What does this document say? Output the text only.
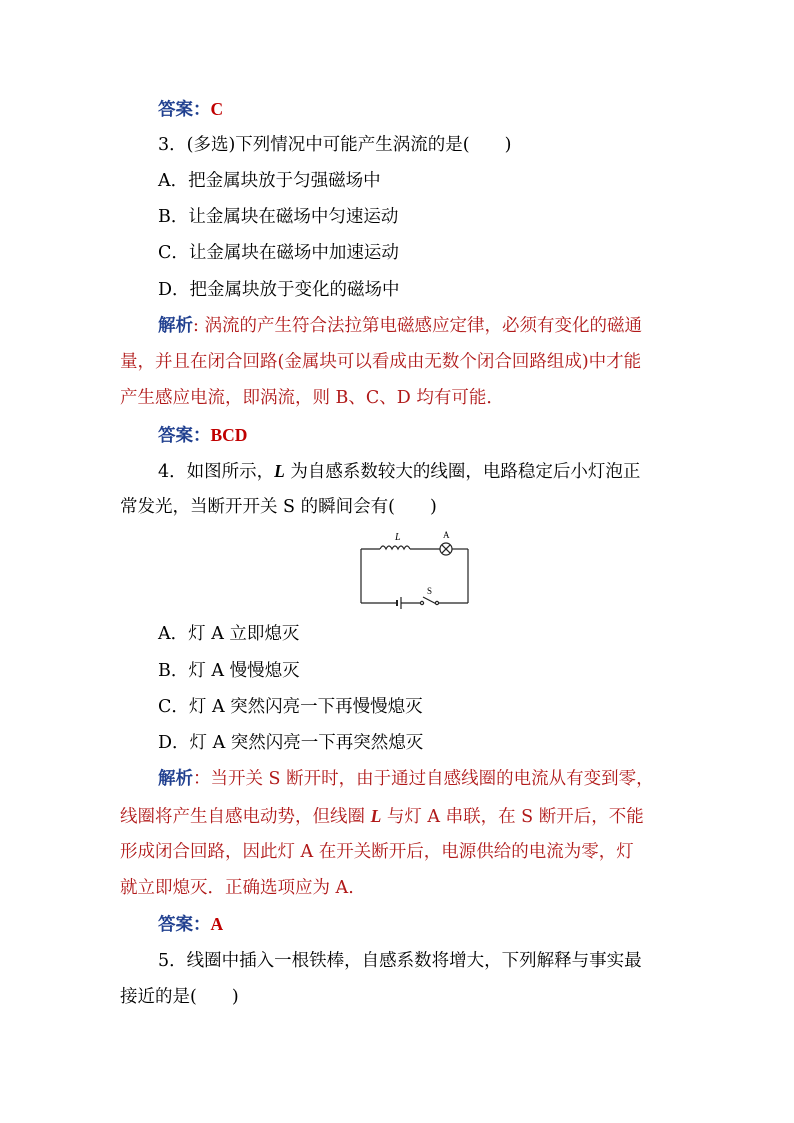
答案：C
3．(多选)下列情况中可能产生涡流的是(　　)
A．把金属块放于匀强磁场中
B．让金属块在磁场中匀速运动
C．让金属块在磁场中加速运动
D．把金属块放于变化的磁场中
解析: 涡流的产生符合法拉第电磁感应定律，必须有变化的磁通
量，并且在闭合回路(金属块可以看成由无数个闭合回路组成)中才能
产生感应电流，即涡流，则 B、C、D 均有可能．
答案：BCD
4．如图所示，L 为自感系数较大的线圈，电路稳定后小灯泡正
常发光，当断开开关 S 的瞬间会有(　　)
L	A
S
A．灯 A 立即熄灭
B．灯 A 慢慢熄灭
C．灯 A 突然闪亮一下再慢慢熄灭
D．灯 A 突然闪亮一下再突然熄灭
解析：当开关 S 断开时，由于通过自感线圈的电流从有变到零，
线圈将产生自感电动势，但线圈 L 与灯 A 串联，在 S 断开后，不能
形成闭合回路，因此灯 A 在开关断开后，电源供给的电流为零，灯
就立即熄灭．正确选项应为 A.
答案：A
5．线圈中插入一根铁棒，自感系数将增大，下列解释与事实最
接近的是(　　)
